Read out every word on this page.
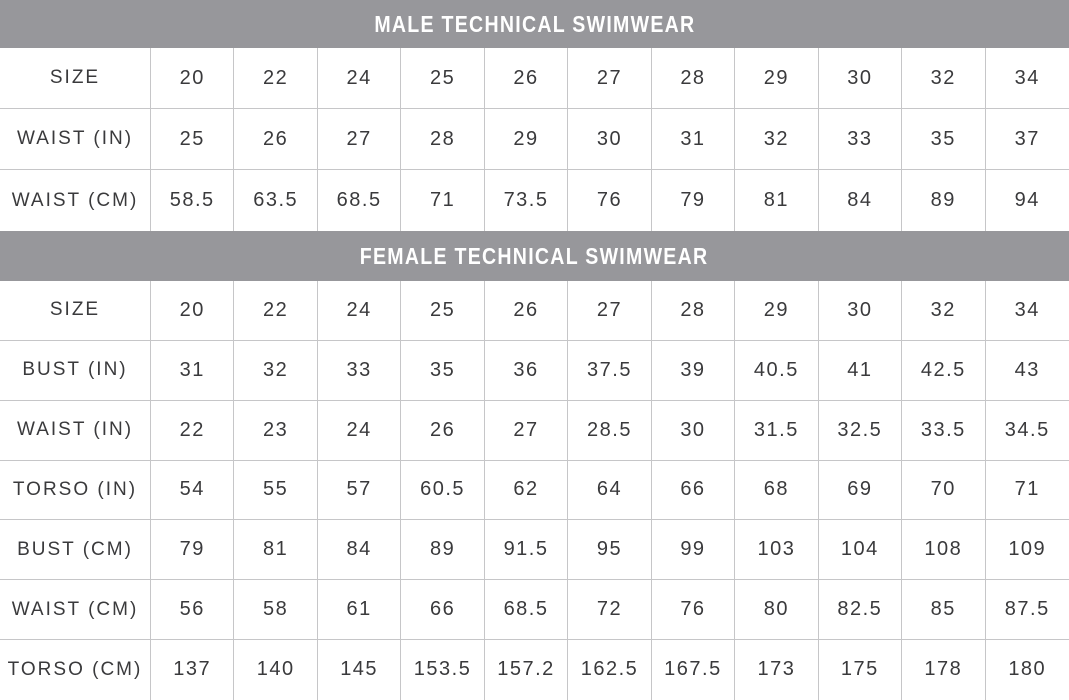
MALE TECHNICAL SWIMWEAR
SIZE	20	22	24	25	26	27	28	29	30	32	34
WAIST (IN)	25	26	27	28	29	30	31	32	33	35	37
WAIST (CM)	58.5	63.5	68.5	71	73.5	76	79	81	84	89	94
FEMALE TECHNICAL SWIMWEAR
SIZE	20	22	24	25	26	27	28	29	30	32	34
BUST (IN)	31	32	33	35	36	37.5	39	40.5	41	42.5	43
WAIST (IN)	22	23	24	26	27	28.5	30	31.5	32.5	33.5	34.5
TORSO (IN)	54	55	57	60.5	62	64	66	68	69	70	71
BUST (CM)	79	81	84	89	91.5	95	99	103	104	108	109
WAIST (CM)	56	58	61	66	68.5	72	76	80	82.5	85	87.5
TORSO (CM)	137	140	145	153.5	157.2	162.5	167.5	173	175	178	180
